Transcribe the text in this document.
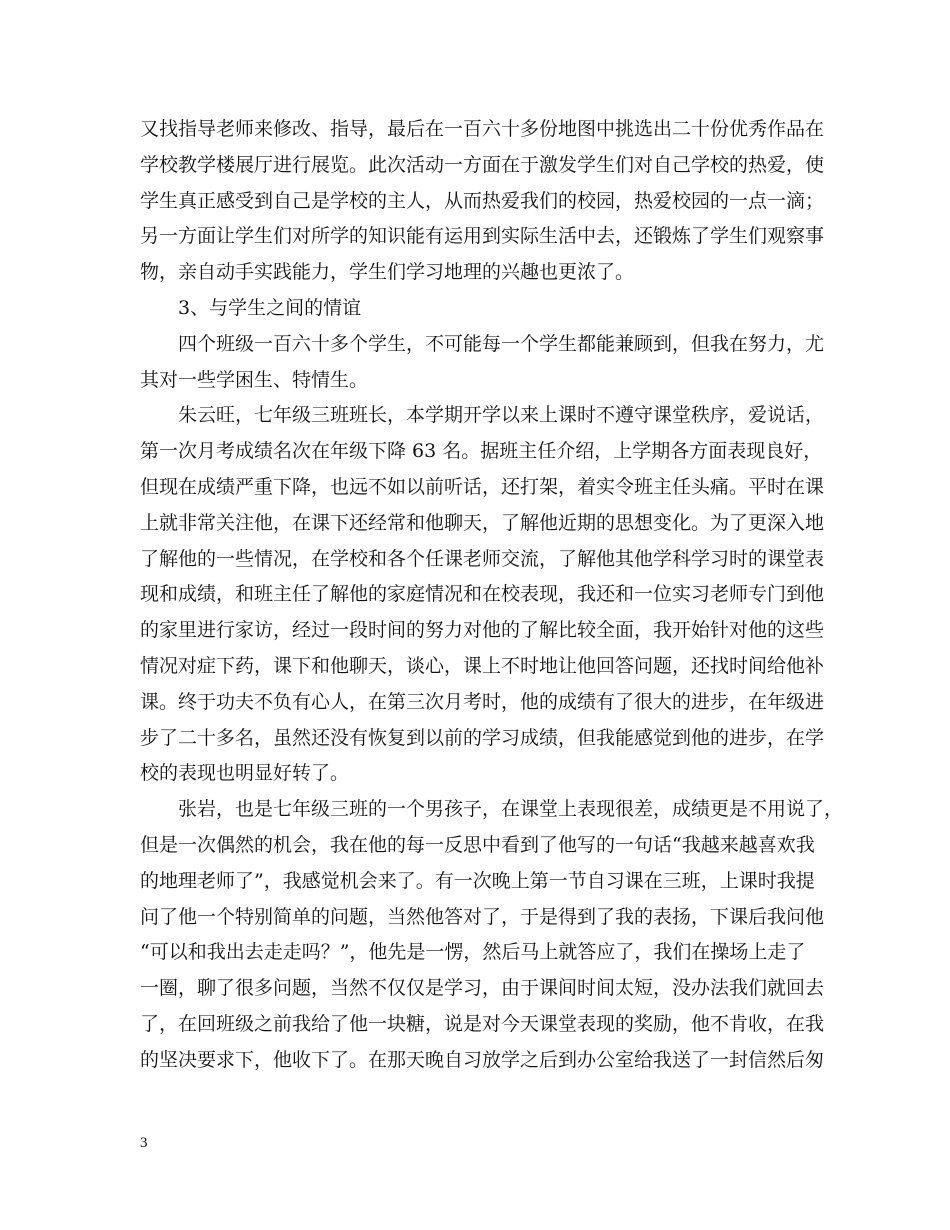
又找指导老师来修改、指导，最后在一百六十多份地图中挑选出二十份优秀作品在
学校教学楼展厅进行展览。此次活动一方面在于激发学生们对自己学校的热爱，使
学生真正感受到自己是学校的主人，从而热爱我们的校园，热爱校园的一点一滴；
另一方面让学生们对所学的知识能有运用到实际生活中去，还锻炼了学生们观察事
物，亲自动手实践能力，学生们学习地理的兴趣也更浓了。
3、与学生之间的情谊
四个班级一百六十多个学生，不可能每一个学生都能兼顾到，但我在努力，尤
其对一些学困生、特情生。
朱云旺，七年级三班班长，本学期开学以来上课时不遵守课堂秩序，爱说话，
第一次月考成绩名次在年级下降 63 名。据班主任介绍，上学期各方面表现良好，
但现在成绩严重下降，也远不如以前听话，还打架，着实令班主任头痛。平时在课
上就非常关注他，在课下还经常和他聊天，了解他近期的思想变化。为了更深入地
了解他的一些情况，在学校和各个任课老师交流，了解他其他学科学习时的课堂表
现和成绩，和班主任了解他的家庭情况和在校表现，我还和一位实习老师专门到他
的家里进行家访，经过一段时间的努力对他的了解比较全面，我开始针对他的这些
情况对症下药，课下和他聊天，谈心，课上不时地让他回答问题，还找时间给他补
课。终于功夫不负有心人，在第三次月考时，他的成绩有了很大的进步，在年级进
步了二十多名，虽然还没有恢复到以前的学习成绩，但我能感觉到他的进步，在学
校的表现也明显好转了。
张岩，也是七年级三班的一个男孩子，在课堂上表现很差，成绩更是不用说了，
但是一次偶然的机会，我在他的每一反思中看到了他写的一句话“我越来越喜欢我
的地理老师了”，我感觉机会来了。有一次晚上第一节自习课在三班，上课时我提
问了他一个特别简单的问题，当然他答对了，于是得到了我的表扬，下课后我问他
“可以和我出去走走吗？”，他先是一愣，然后马上就答应了，我们在操场上走了
一圈，聊了很多问题，当然不仅仅是学习，由于课间时间太短，没办法我们就回去
了，在回班级之前我给了他一块糖，说是对今天课堂表现的奖励，他不肯收，在我
的坚决要求下，他收下了。在那天晚自习放学之后到办公室给我送了一封信然后匆
3
